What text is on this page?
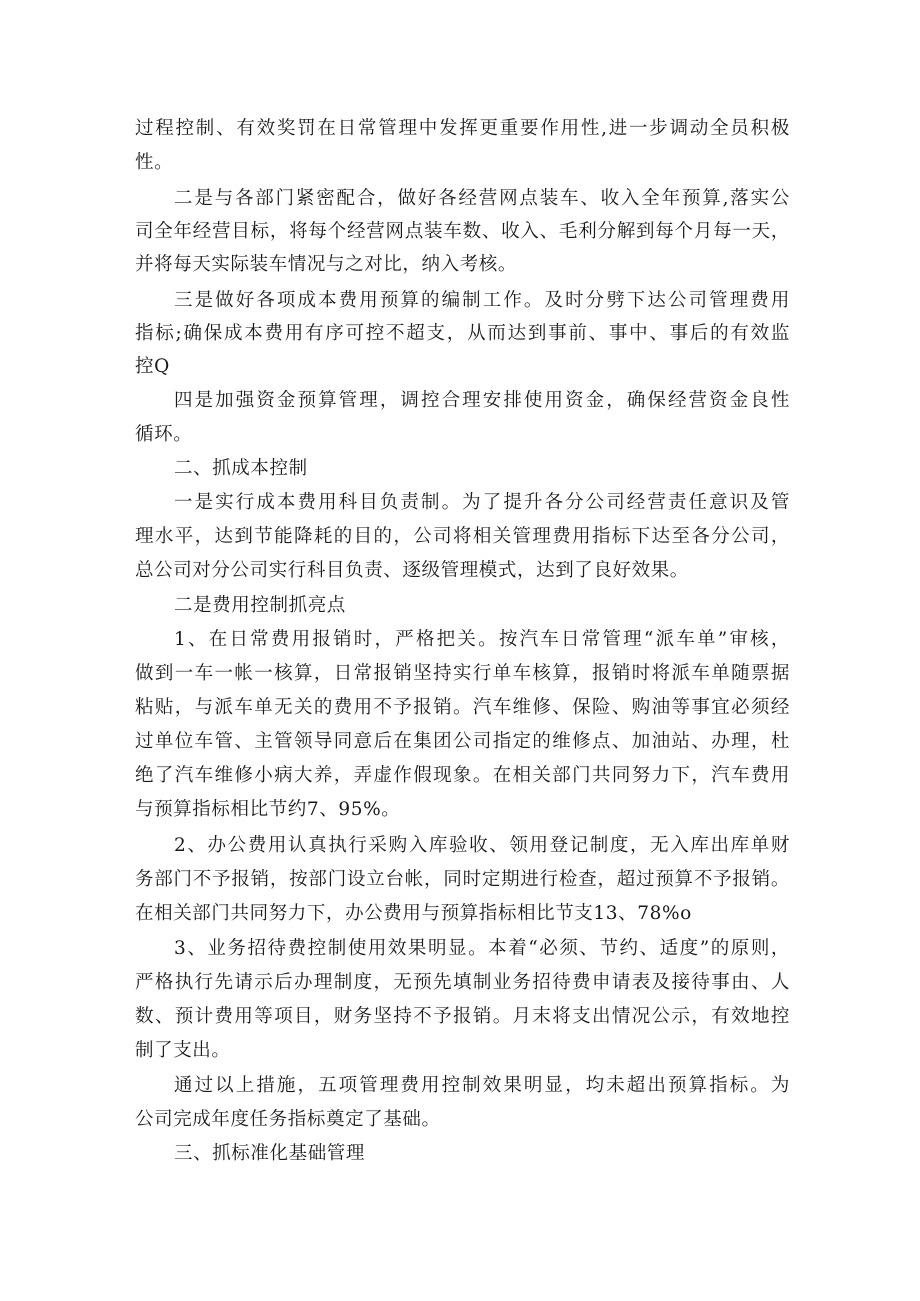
过程控制、有效奖罚在日常管理中发挥更重要作用性,进一步调动全员积极
性。
二是与各部门紧密配合，做好各经营网点装车、收入全年预算,落实公
司全年经营目标，将每个经营网点装车数、收入、毛利分解到每个月每一天，
并将每天实际装车情况与之对比，纳入考核。
三是做好各项成本费用预算的编制工作。及时分劈下达公司管理费用
指标;确保成本费用有序可控不超支，从而达到事前、事中、事后的有效监
控Q
四是加强资金预算管理，调控合理安排使用资金，确保经营资金良性
循环。
二、抓成本控制
一是实行成本费用科目负责制。为了提升各分公司经营责任意识及管
理水平，达到节能降耗的目的，公司将相关管理费用指标下达至各分公司，
总公司对分公司实行科目负责、逐级管理模式，达到了良好效果。
二是费用控制抓亮点
1、在日常费用报销时，严格把关。按汽车日常管理“派车单”审核，
做到一车一帐一核算，日常报销坚持实行单车核算，报销时将派车单随票据
粘贴，与派车单无关的费用不予报销。汽车维修、保险、购油等事宜必须经
过单位车管、主管领导同意后在集团公司指定的维修点、加油站、办理，杜
绝了汽车维修小病大养，弄虚作假现象。在相关部门共同努力下，汽车费用
与预算指标相比节约7、95%。
2、办公费用认真执行采购入库验收、领用登记制度，无入库出库单财
务部门不予报销，按部门设立台帐，同时定期进行检查，超过预算不予报销。
在相关部门共同努力下，办公费用与预算指标相比节支13、78%o
3、业务招待费控制使用效果明显。本着“必须、节约、适度”的原则，
严格执行先请示后办理制度，无预先填制业务招待费申请表及接待事由、人
数、预计费用等项目，财务坚持不予报销。月末将支出情况公示，有效地控
制了支出。
通过以上措施，五项管理费用控制效果明显，均未超出预算指标。为
公司完成年度任务指标奠定了基础。
三、抓标准化基础管理
